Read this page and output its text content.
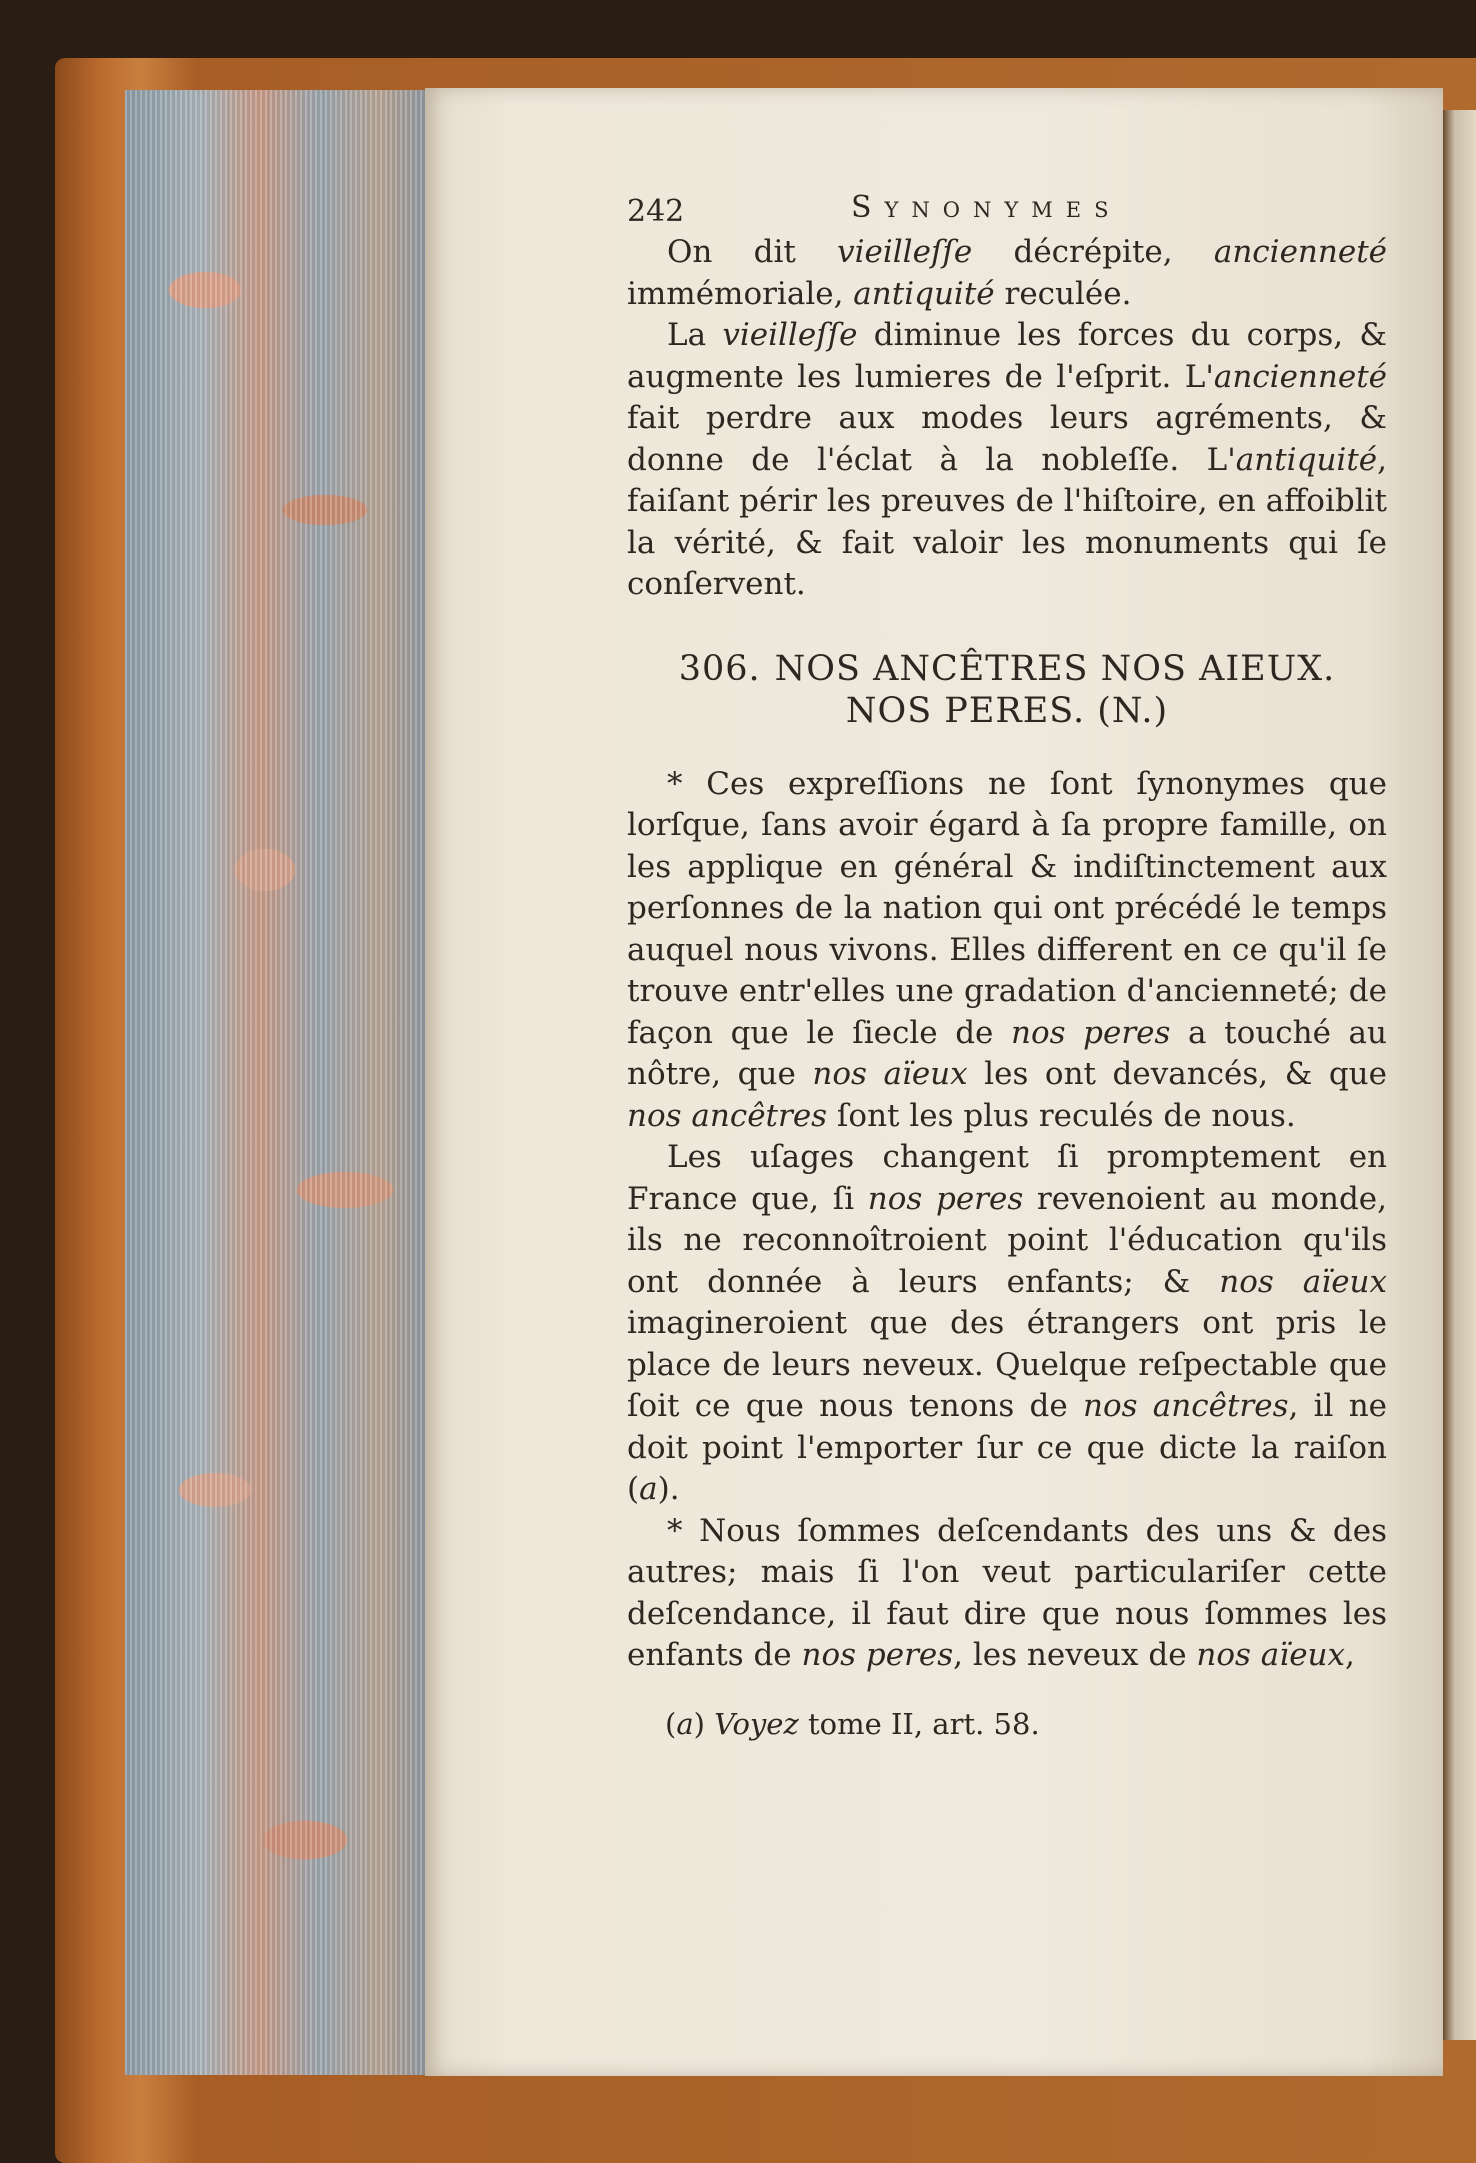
242	Synonymes

On dit vieilleſſe décrépite, ancienneté immémoriale, antiquité reculée.

La vieilleſſe diminue les forces du corps, & augmente les lumieres de l'eſprit. L'ancienneté fait perdre aux modes leurs agréments, & donne de l'éclat à la nobleſſe. L'antiquité, faiſant périr les preuves de l'hiſtoire, en affoiblit la vérité, & fait valoir les monuments qui ſe conſervent.

306. NOS ANCÊTRES NOS AIEUX.
NOS PERES. (N.)

* Ces expreſſions ne ſont ſynonymes que lorſque, ſans avoir égard à ſa propre famille, on les applique en général & indiſtinctement aux perſonnes de la nation qui ont précédé le temps auquel nous vivons. Elles different en ce qu'il ſe trouve entr'elles une gradation d'ancienneté; de façon que le ſiecle de nos peres a touché au nôtre, que nos aïeux les ont devancés, & que nos ancêtres ſont les plus reculés de nous.

Les uſages changent ſi promptement en France que, ſi nos peres revenoient au monde, ils ne reconnoîtroient point l'éducation qu'ils ont donnée à leurs enfants; & nos aïeux imagineroient que des étrangers ont pris le place de leurs neveux. Quelque reſpectable que ſoit ce que nous tenons de nos ancêtres, il ne doit point l'emporter ſur ce que dicte la raiſon (a).

* Nous ſommes deſcendants des uns & des autres; mais ſi l'on veut particulariſer cette deſcendance, il faut dire que nous ſommes les enfants de nos peres, les neveux de nos aïeux,

(a) Voyez tome II, art. 58.
